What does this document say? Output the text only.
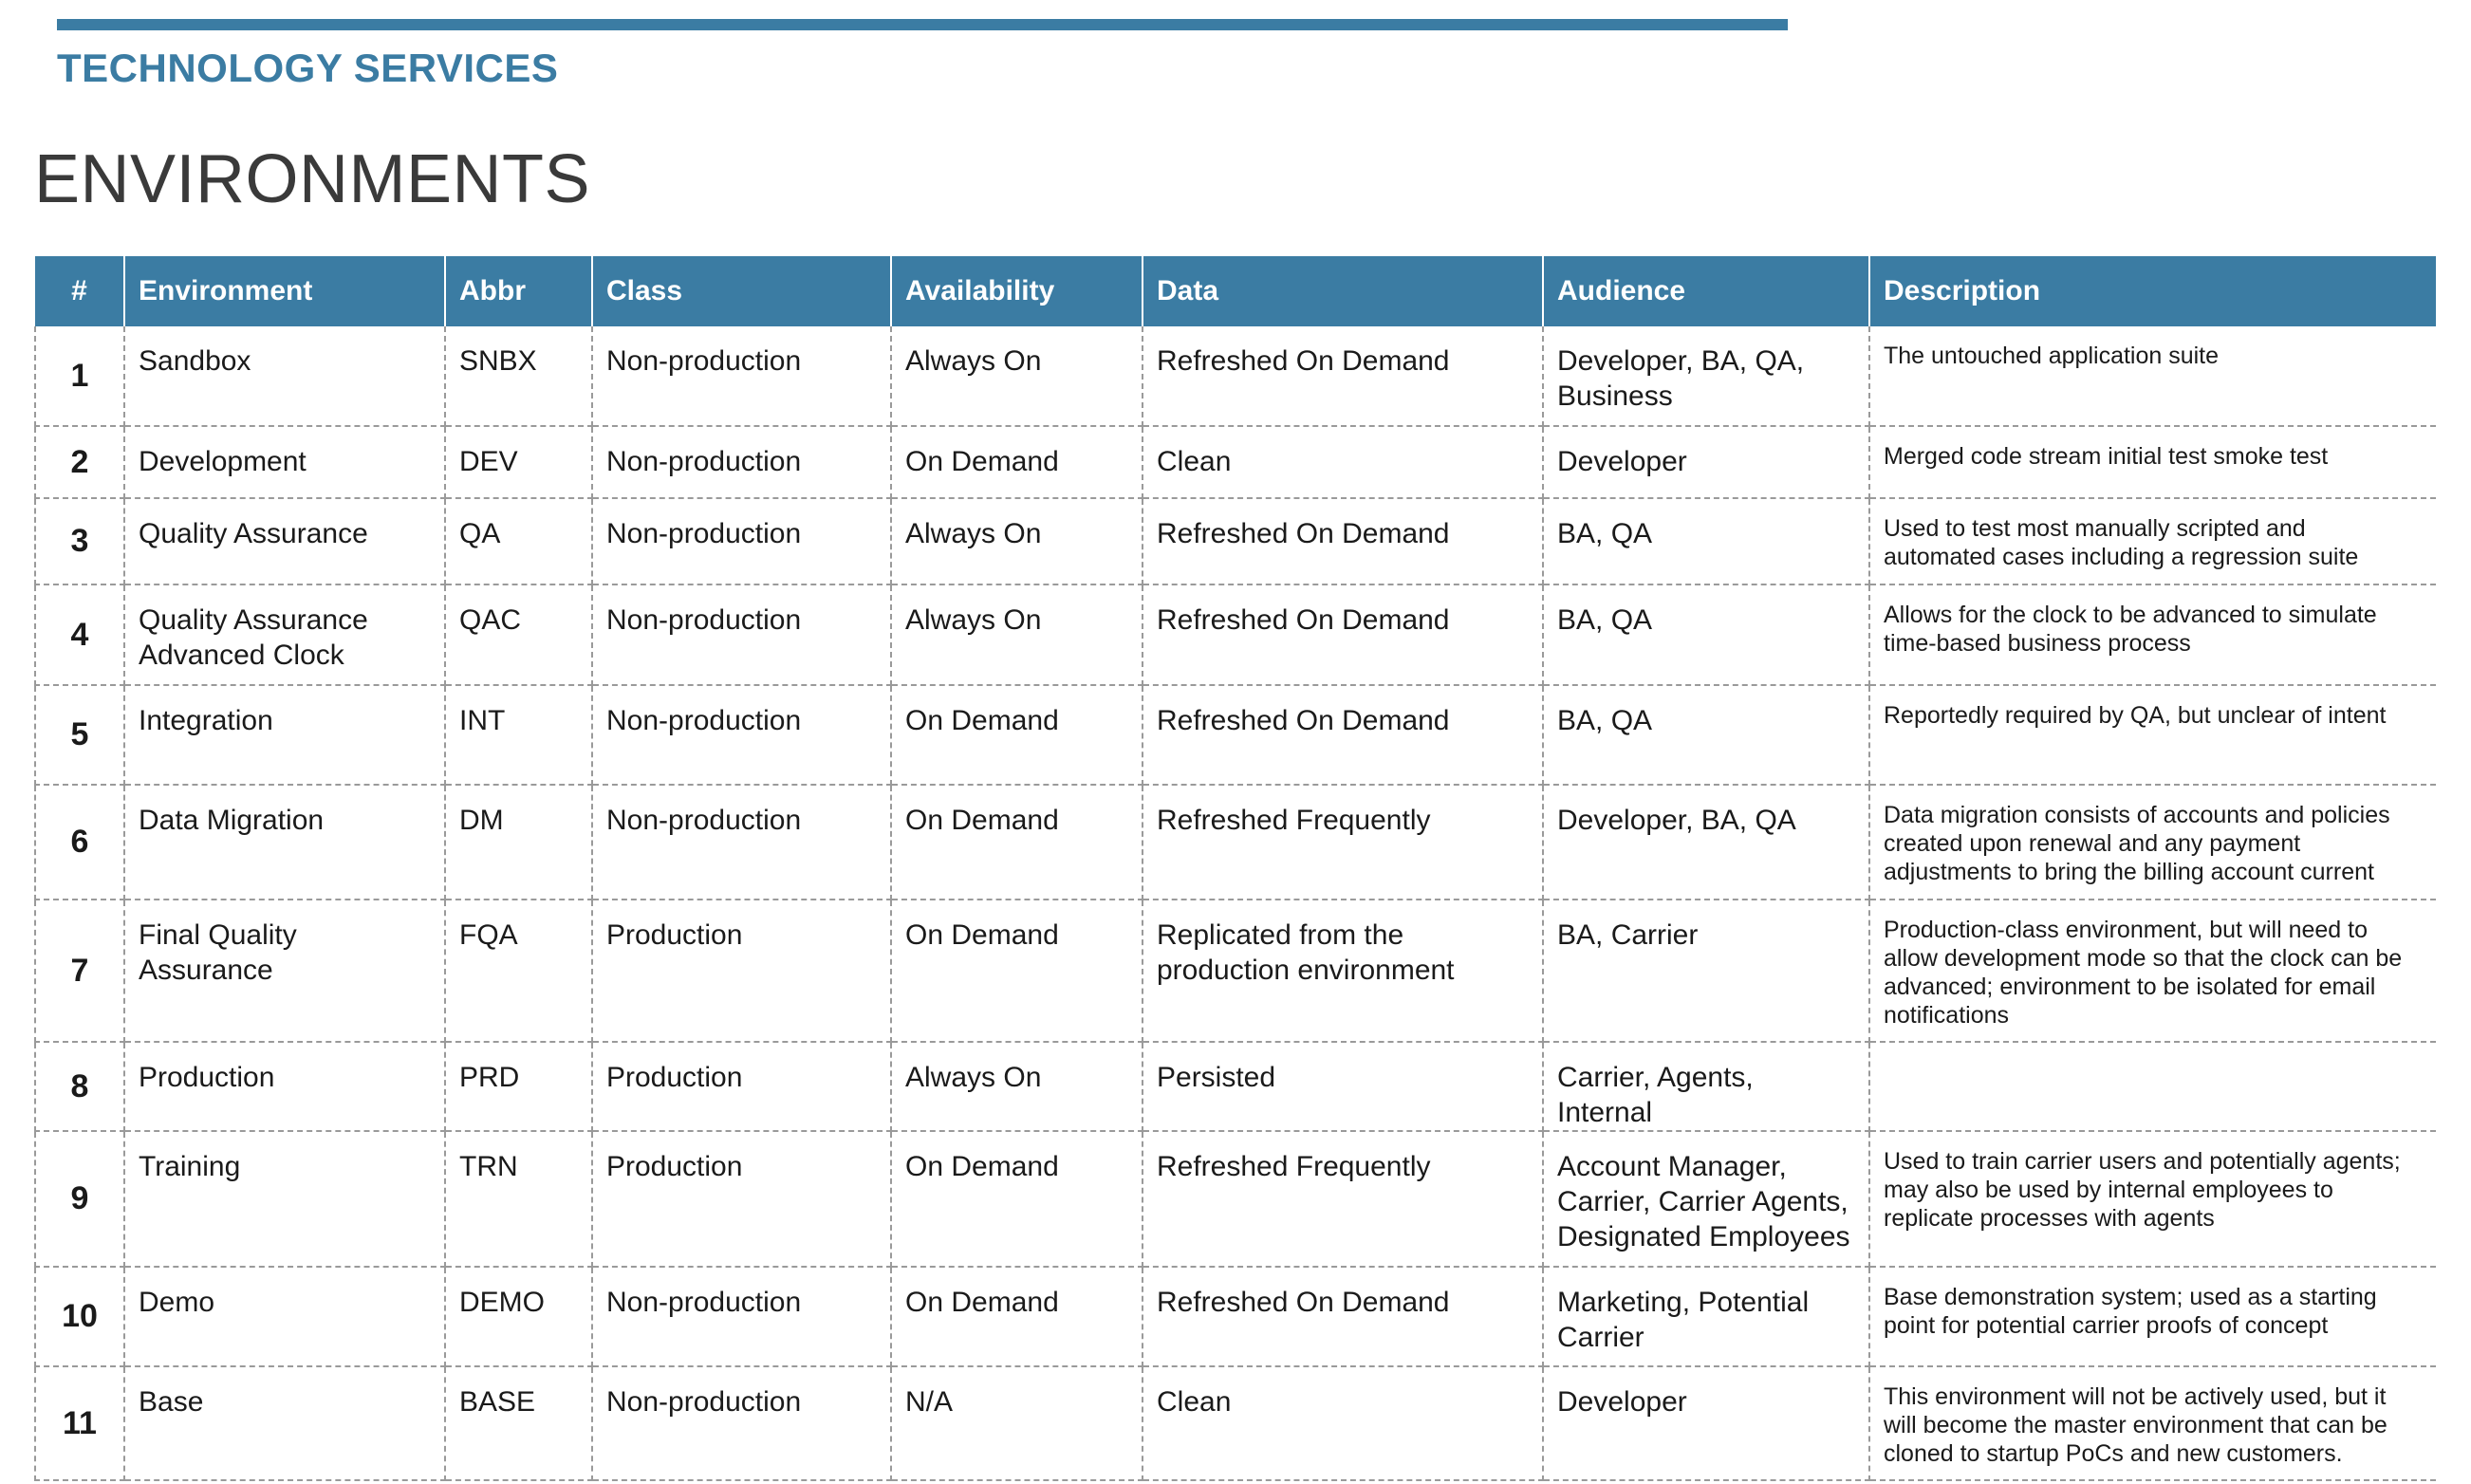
TECHNOLOGY SERVICES
ENVIRONMENTS
#	Environment	Abbr	Class	Availability	Data	Audience	Description
1	Sandbox	SNBX	Non-production	Always On	Refreshed On Demand	Developer, BA, QA, Business	The untouched application suite
2	Development	DEV	Non-production	On Demand	Clean	Developer	Merged code stream initial test smoke test
3	Quality Assurance	QA	Non-production	Always On	Refreshed On Demand	BA, QA	Used to test most manually scripted and automated cases including a regression suite
4	Quality Assurance Advanced Clock	QAC	Non-production	Always On	Refreshed On Demand	BA, QA	Allows for the clock to be advanced to simulate time-based business process
5	Integration	INT	Non-production	On Demand	Refreshed On Demand	BA, QA	Reportedly required by QA, but unclear of intent
6	Data Migration	DM	Non-production	On Demand	Refreshed Frequently	Developer, BA, QA	Data migration consists of accounts and policies created upon renewal and any payment adjustments to bring the billing account current
7	Final Quality Assurance	FQA	Production	On Demand	Replicated from the production environment	BA, Carrier	Production-class environment, but will need to allow development mode so that the clock can be advanced; environment to be isolated for email notifications
8	Production	PRD	Production	Always On	Persisted	Carrier, Agents, Internal	
9	Training	TRN	Production	On Demand	Refreshed Frequently	Account Manager, Carrier, Carrier Agents, Designated Employees	Used to train carrier users and potentially agents; may also be used by internal employees to replicate processes with agents
10	Demo	DEMO	Non-production	On Demand	Refreshed On Demand	Marketing, Potential Carrier	Base demonstration system; used as a starting point for potential carrier proofs of concept
11	Base	BASE	Non-production	N/A	Clean	Developer	This environment will not be actively used, but it will become the master environment that can be cloned to startup PoCs and new customers.
